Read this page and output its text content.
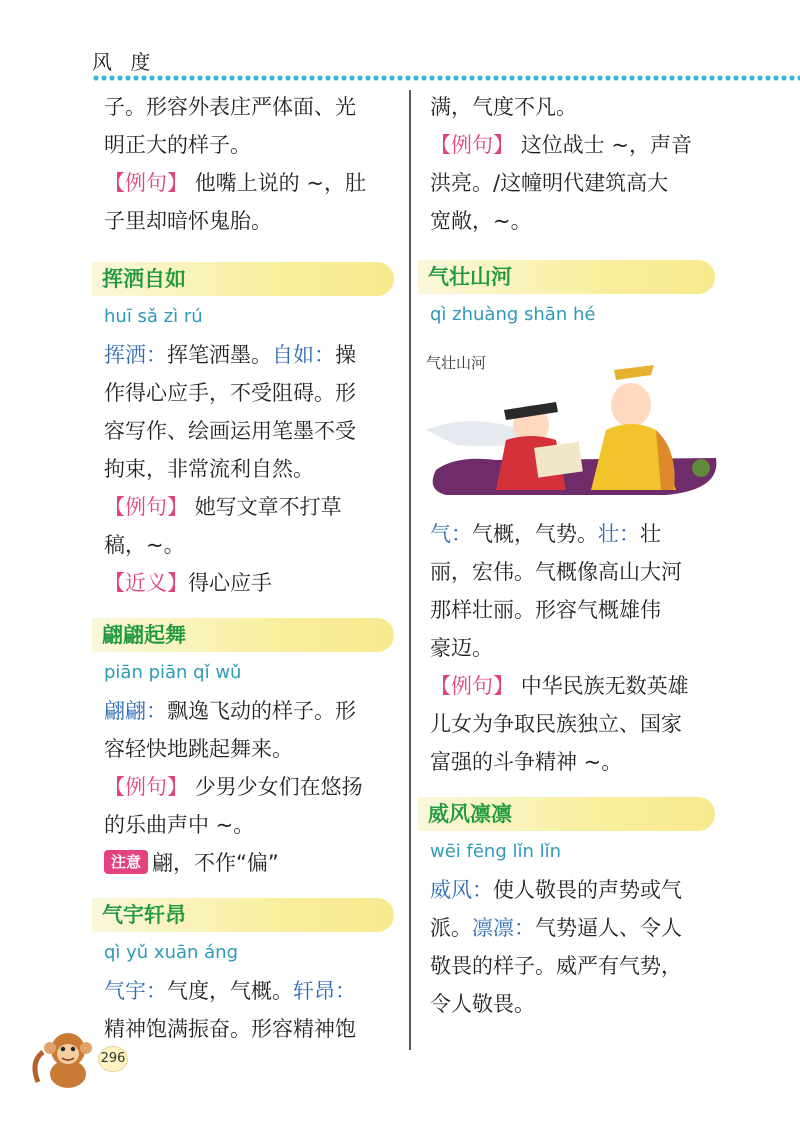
风 度

子。形容外表庄严体面、光

明正大的样子。

【例句】 他嘴上说的 ~，肚

子里却暗怀鬼胎。

挥洒自如
huī sǎ zì rú

挥洒：挥笔洒墨。自如：操

作得心应手，不受阻碍。形

容写作、绘画运用笔墨不受

拘束，非常流利自然。

【例句】 她写文章不打草

稿，~。

【近义】得心应手

翩翩起舞
piān piān qǐ wǔ

翩翩：飘逸飞动的样子。形

容轻快地跳起舞来。

【例句】 少男少女们在悠扬

的乐曲声中 ~。

注意 翩，不作“偏”

气宇轩昂
qì yǔ xuān áng

气宇：气度，气概。轩昂：

精神饱满振奋。形容精神饱

满，气度不凡。

【例句】 这位战士 ~，声音

洪亮。/这幢明代建筑高大

宽敞，~。

气壮山河
qì zhuàng shān hé
气壮山河

气：气概，气势。壮：壮

丽，宏伟。气概像高山大河

那样壮丽。形容气概雄伟

豪迈。

【例句】 中华民族无数英雄

儿女为争取民族独立、国家

富强的斗争精神 ~。

威风凛凛
wēi fēng lǐn lǐn

威风：使人敬畏的声势或气

派。凛凛：气势逼人、令人

敬畏的样子。威严有气势，

令人敬畏。

296
